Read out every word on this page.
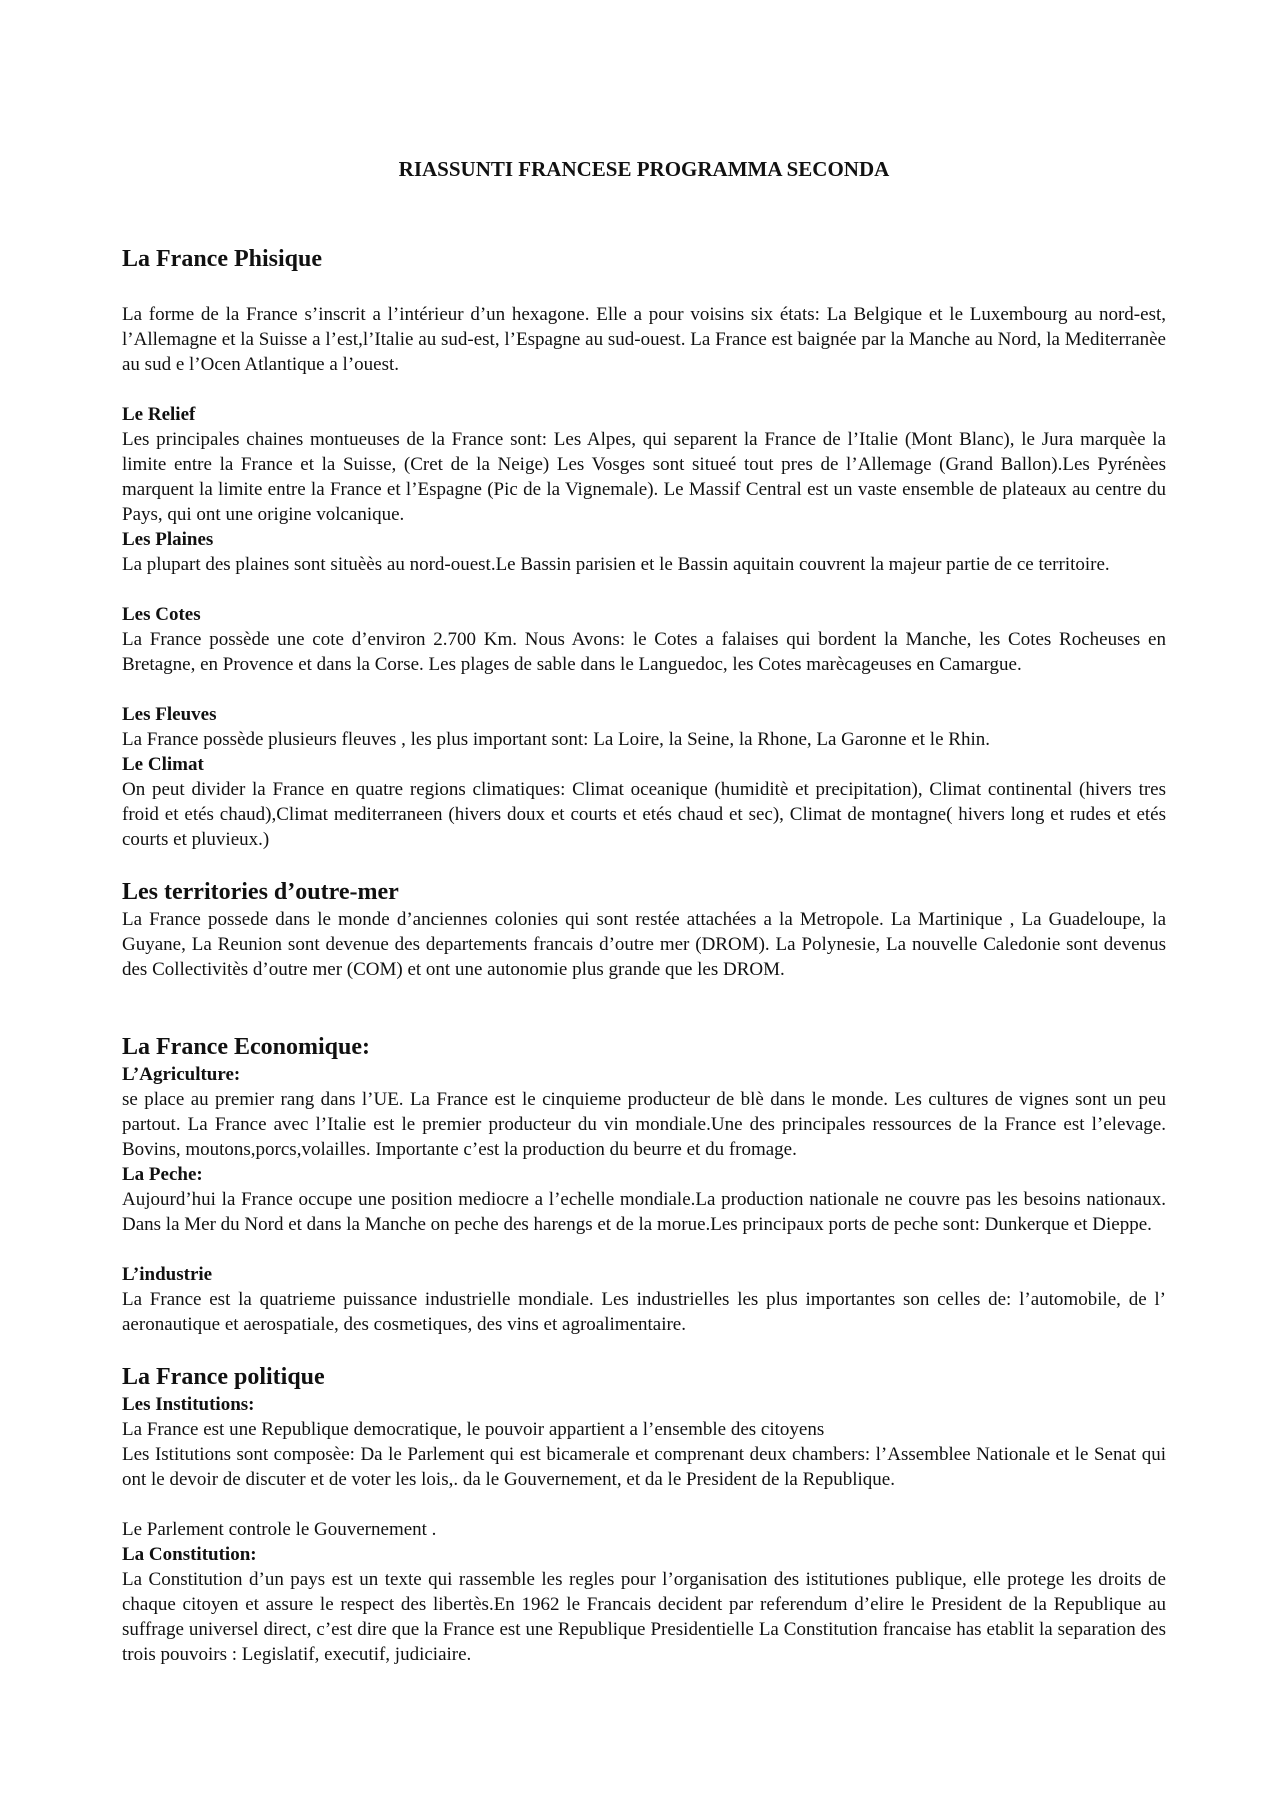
RIASSUNTI FRANCESE PROGRAMMA SECONDA
La France Phisique

La forme de la France s’inscrit a l’intérieur d’un hexagone. Elle a pour voisins six états: La Belgique et le Luxembourg au nord-est, l’Allemagne et la Suisse a l’est,l’Italie au sud-est, l’Espagne au sud-ouest. La France est baignée par la Manche au Nord, la Mediterranèe au sud e l’Ocen Atlantique a l’ouest.

Le Relief

Les principales chaines montueuses de la France sont: Les Alpes, qui separent la France de l’Italie (Mont Blanc), le Jura marquèe la limite entre la France et la Suisse, (Cret de la Neige) Les Vosges sont situeé tout pres de l’Allemage (Grand Ballon).Les Pyrénèes marquent la limite entre la France et l’Espagne (Pic de la Vignemale). Le Massif Central est un vaste ensemble de plateaux au centre du Pays, qui ont une origine volcanique.

Les Plaines

La plupart des plaines sont situèès au nord-ouest.Le Bassin parisien et le Bassin aquitain couvrent la majeur partie de ce territoire.

Les Cotes

La France possède une cote d’environ 2.700 Km. Nous Avons: le Cotes a falaises qui bordent la Manche, les Cotes Rocheuses en Bretagne, en Provence et dans la Corse. Les plages de sable dans le Languedoc, les Cotes marècageuses en Camargue.

Les Fleuves

La France possède plusieurs fleuves , les plus important sont: La Loire, la Seine, la Rhone, La Garonne et le Rhin.

Le Climat

On peut divider la France en quatre regions climatiques: Climat oceanique (humiditè et precipitation), Climat continental (hivers tres froid et etés chaud),Climat mediterraneen (hivers doux et courts et etés chaud et sec), Climat de montagne( hivers long et rudes et etés courts et pluvieux.)

Les territories d’outre-mer

La France possede dans le monde d’anciennes colonies qui sont restée attachées a la Metropole. La Martinique , La Guadeloupe, la Guyane, La Reunion sont devenue des departements francais d’outre mer (DROM). La Polynesie, La nouvelle Caledonie sont devenus des Collectivitès d’outre mer (COM) et ont une autonomie plus grande que les DROM.

La France Economique:
L’Agriculture:

se place au premier rang dans l’UE. La France est le cinquieme producteur de blè dans le monde. Les cultures de vignes sont un peu partout. La France avec l’Italie est le premier producteur du vin mondiale.Une des principales ressources de la France est l’elevage. Bovins, moutons,porcs,volailles. Importante c’est la production du beurre et du fromage.

La Peche:

Aujourd’hui la France occupe une position mediocre a l’echelle mondiale.La production nationale ne couvre pas les besoins nationaux. Dans la Mer du Nord et dans la Manche on peche des harengs et de la morue.Les principaux ports de peche sont: Dunkerque et Dieppe.

L’industrie

La France est la quatrieme puissance industrielle mondiale. Les industrielles les plus importantes son celles de: l’automobile, de l’ aeronautique et aerospatiale, des cosmetiques, des vins et agroalimentaire.

La France politique
Les Institutions:

La France est une Republique democratique, le pouvoir appartient a l’ensemble des citoyens

Les Istitutions sont composèe: Da le Parlement qui est bicamerale et comprenant deux chambers: l’Assemblee Nationale et le Senat qui ont le devoir de discuter et de voter les lois,. da le Gouvernement, et da le President de la Republique.

Le Parlement controle le Gouvernement .

La Constitution:

La Constitution d’un pays est un texte qui rassemble les regles pour l’organisation des istitutiones publique, elle protege les droits de chaque citoyen et assure le respect des libertès.En 1962 le Francais decident par referendum d’elire le President de la Republique au suffrage universel direct, c’est dire que la France est une Republique Presidentielle La Constitution francaise has etablit la separation des trois pouvoirs : Legislatif, executif, judiciaire.
